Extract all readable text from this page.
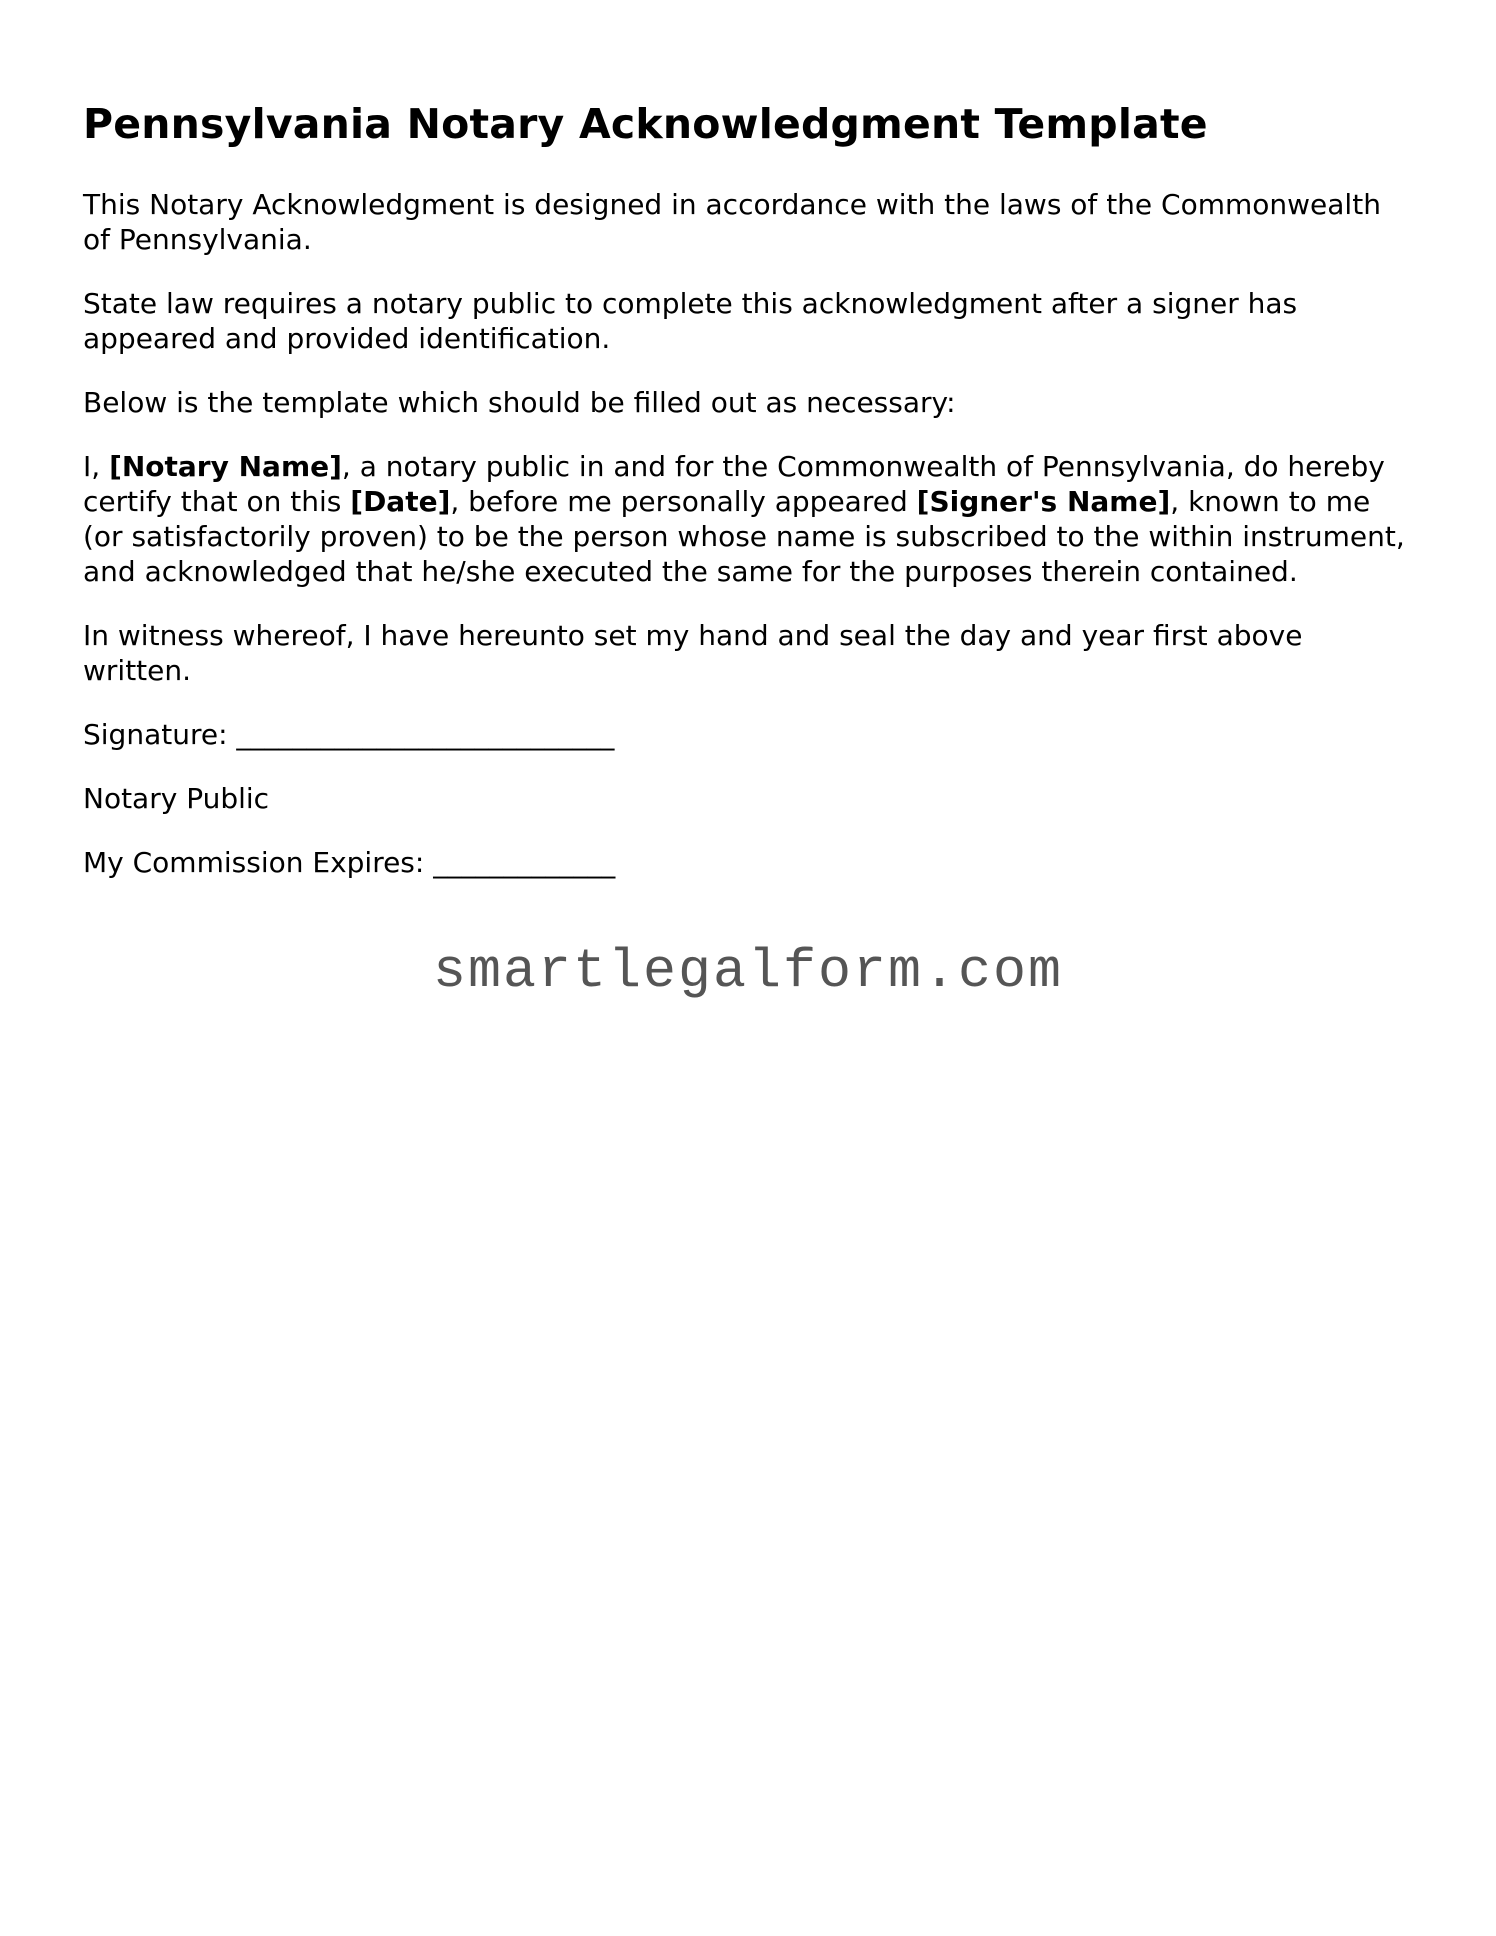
Pennsylvania Notary Acknowledgment Template

This Notary Acknowledgment is designed in accordance with the laws of the Commonwealth of Pennsylvania.

State law requires a notary public to complete this acknowledgment after a signer has appeared and provided identification.

Below is the template which should be filled out as necessary:

I, [Notary Name], a notary public in and for the Commonwealth of Pennsylvania, do hereby certify that on this [Date], before me personally appeared [Signer's Name], known to me (or satisfactorily proven) to be the person whose name is subscribed to the within instrument, and acknowledged that he/she executed the same for the purposes therein contained.

In witness whereof, I have hereunto set my hand and seal the day and year first above written.

Signature: ___________________________

Notary Public

My Commission Expires: _____________

smartlegalform.com
